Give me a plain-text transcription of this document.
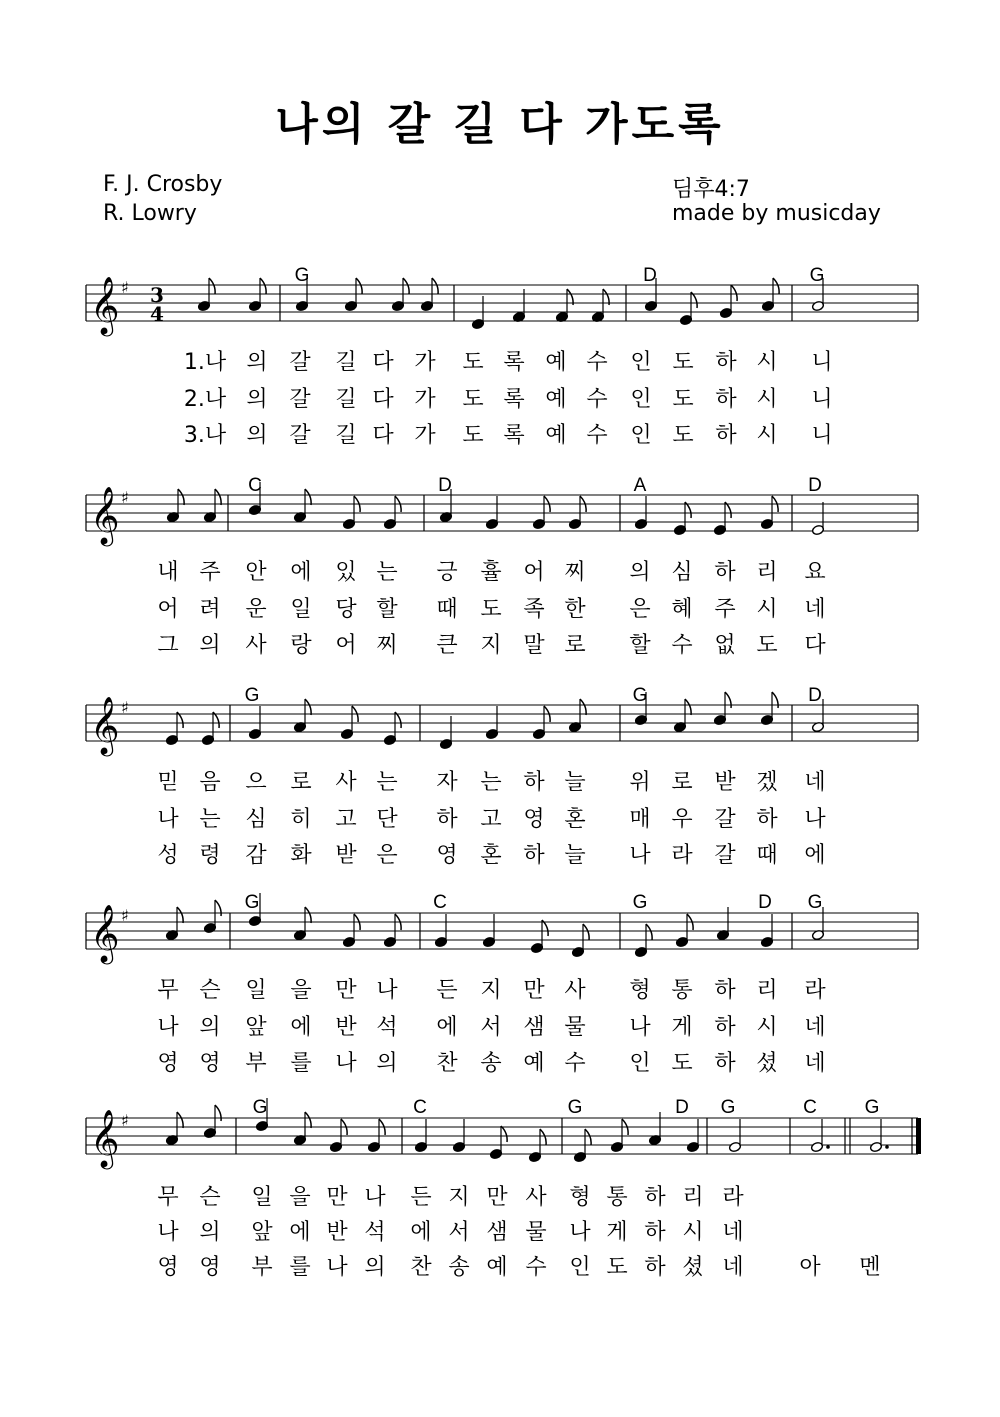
나의 갈 길 다 가도록
F. J. Crosby
R. Lowry
딤후4:7
made by musicday
𝄞 ♯ 3
4
G	D	G
1.나 의 갈 길 다 가 도 록 예 수 인 도 하 시 니
2.나 의 갈 길 다 가 도 록 예 수 인 도 하 시 니
3.나 의 갈 길 다 가 도 록 예 수 인 도 하 시 니
𝄞 ♯
C	D	A	D
내 주 안 에 있 는 긍 휼 어 찌 의 심 하 리 요
어 려 운 일 당 할 때 도 족 한 은 혜 주 시 네
그 의 사 랑 어 찌 큰 지 말 로 할 수 없 도 다
𝄞 ♯
G	G	D
믿 음 으 로 사 는 자 는 하 늘 위 로 받 겠 네
나 는 심 히 고 단 하 고 영 혼 매 우 갈 하 나
성 령 감 화 받 은 영 혼 하 늘 나 라 갈 때 에
𝄞 ♯
G	C	G	D G
무 슨 일 을 만 나 든 지 만 사 형 통 하 리 라
나 의 앞 에 반 석 에 서 샘 물 나 게 하 시 네
영 영 부 를 나 의 찬 송 예 수 인 도 하 셨 네
𝄞 ♯
G	C	G	D G	C	G
무 슨 일 을 만 나 든 지 만 사 형 통 하 리 라
나 의 앞 에 반 석 에 서 샘 물 나 게 하 시 네
영 영 부 를 나 의 찬 송 예 수 인 도 하 셨 네	아 멘
